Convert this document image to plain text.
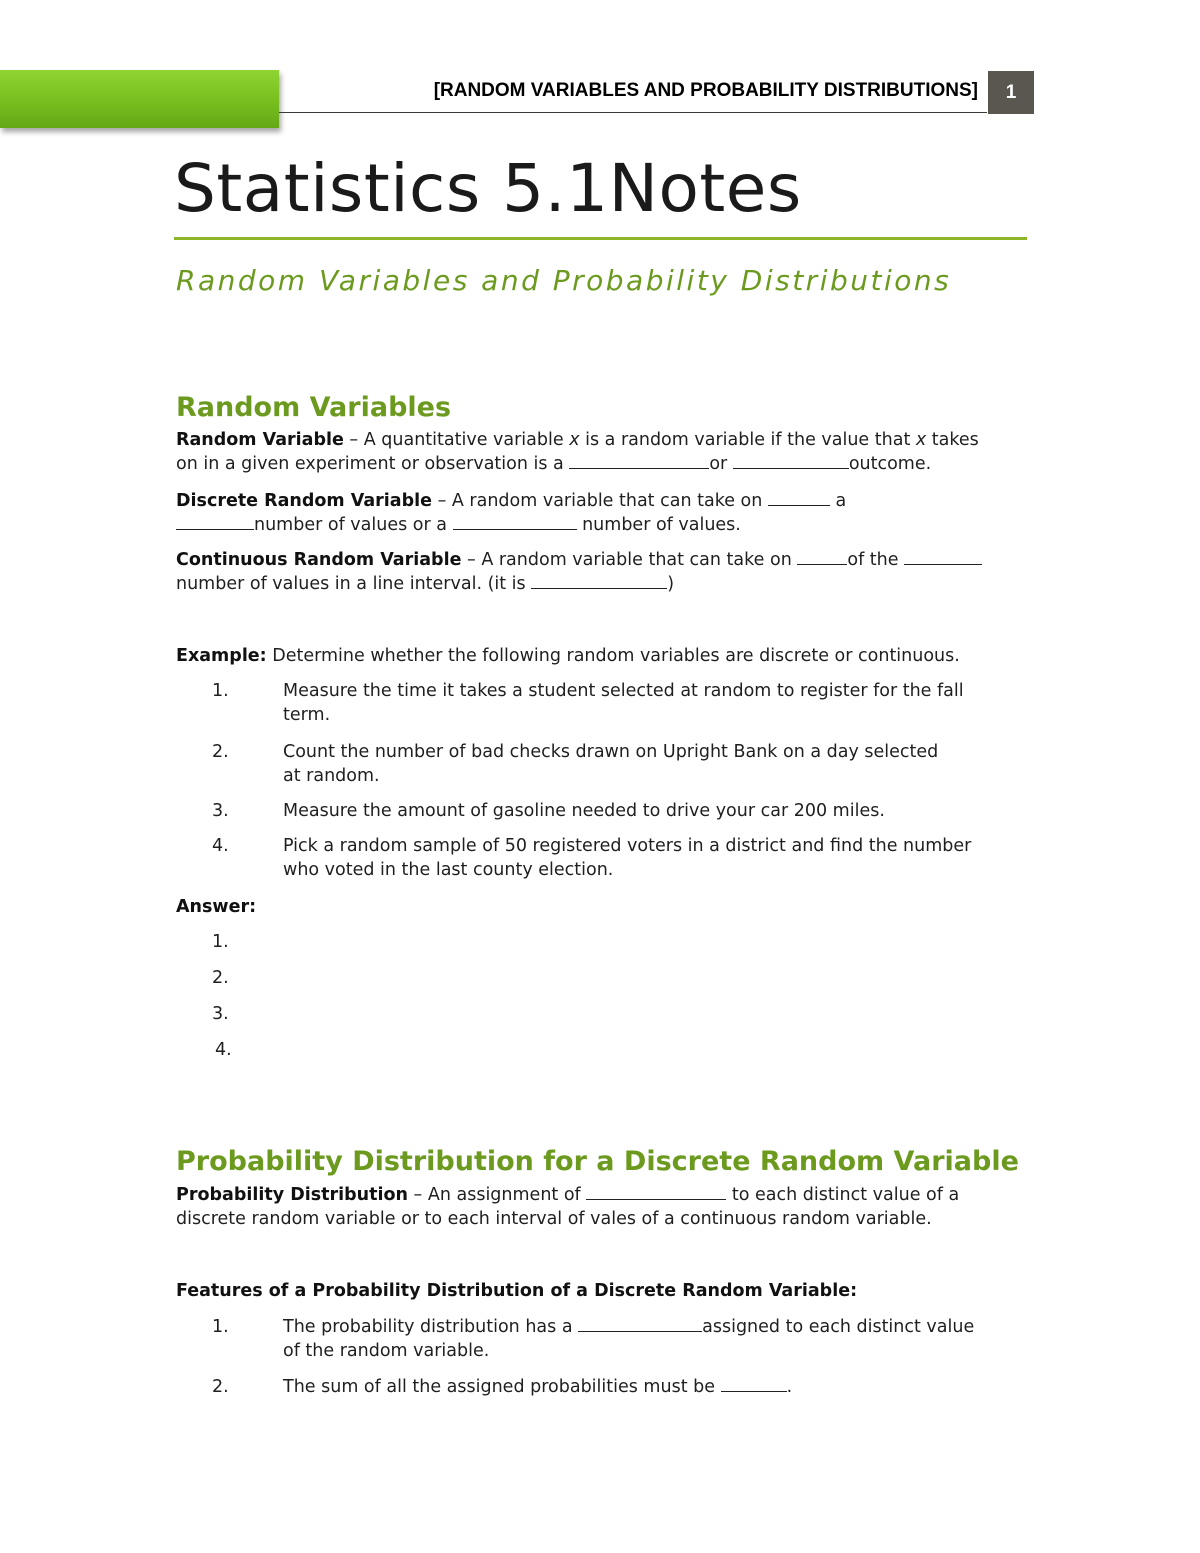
[RANDOM VARIABLES AND PROBABILITY DISTRIBUTIONS]	1
Statistics 5.1Notes
Random Variables and Probability Distributions
Random Variables
Random Variable – A quantitative variable x is a random variable if the value that x takes
on in a given experiment or observation is a	or	outcome.
Discrete Random Variable – A random variable that can take on	a
number of values or a	number of values.
Continuous Random Variable – A random variable that can take on	of the
number of values in a line interval. (it is	)
Example: Determine whether the following random variables are discrete or continuous.
1.	Measure the time it takes a student selected at random to register for the fall
term.
2.	Count the number of bad checks drawn on Upright Bank on a day selected
at random.
3.	Measure the amount of gasoline needed to drive your car 200 miles.
4.	Pick a random sample of 50 registered voters in a district and find the number
who voted in the last county election.
Answer:
1.
2.
3.
4.
Probability Distribution for a Discrete Random Variable
Probability Distribution – An assignment of	to each distinct value of a
discrete random variable or to each interval of vales of a continuous random variable.
Features of a Probability Distribution of a Discrete Random Variable:
1.	The probability distribution has a	assigned to each distinct value
of the random variable.
2.	The sum of all the assigned probabilities must be	.
